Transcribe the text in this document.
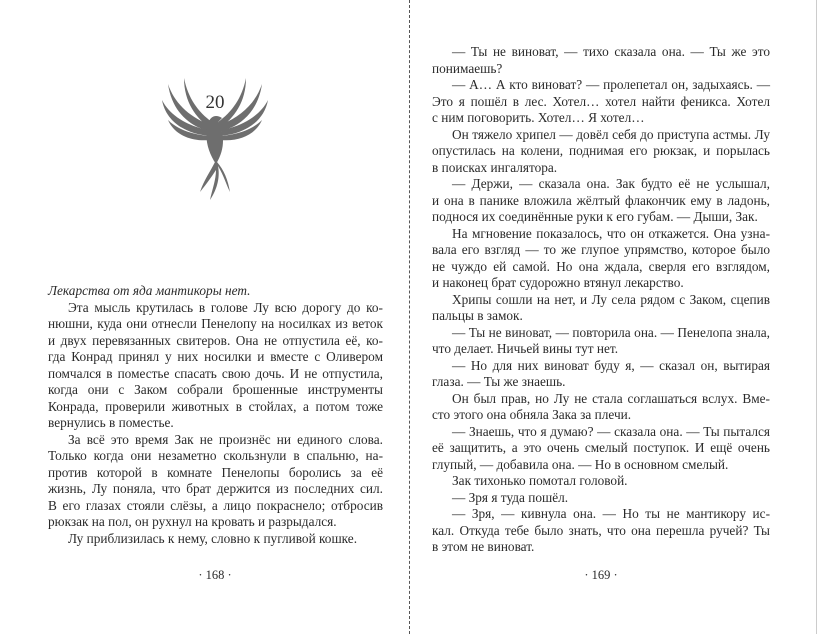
20
Лекарства от яда мантикоры нет.
Эта мысль крутилась в голове Лу всю дорогу до ко-
нюшни, куда они отнесли Пенелопу на носилках из веток
и двух перевязанных свитеров. Она не отпустила её, ко-
гда Конрад принял у них носилки и вместе с Оливером
помчался в поместье спасать свою дочь. И не отпустила,
когда они с Заком собрали брошенные инструменты
Конрада, проверили животных в стойлах, а потом тоже
вернулись в поместье.
За всё это время Зак не произнёс ни единого слова.
Только когда они незаметно скользнули в спальню, на-
против которой в комнате Пенелопы боролись за её
жизнь, Лу поняла, что брат держится из последних сил.
В его глазах стояли слёзы, а лицо покраснело; отбросив
рюкзак на пол, он рухнул на кровать и разрыдался.
Лу приблизилась к нему, словно к пугливой кошке.
· 168 ·
— Ты не виноват, — тихо сказала она. — Ты же это
понимаешь?
— А… А кто виноват? — пролепетал он, задыхаясь. —
Это я пошёл в лес. Хотел… хотел найти феникса. Хотел
с ним поговорить. Хотел… Я хотел…
Он тяжело хрипел — довёл себя до приступа астмы. Лу
опустилась на колени, поднимая его рюкзак, и порылась
в поисках ингалятора.
— Держи, — сказала она. Зак будто её не услышал,
и она в панике вложила жёлтый флакончик ему в ладонь,
поднося их соединённые руки к его губам. — Дыши, Зак.
На мгновение показалось, что он откажется. Она узна-
вала его взгляд — то же глупое упрямство, которое было
не чуждо ей самой. Но она ждала, сверля его взглядом,
и наконец брат судорожно втянул лекарство.
Хрипы сошли на нет, и Лу села рядом с Заком, сцепив
пальцы в замок.
— Ты не виноват, — повторила она. — Пенелопа знала,
что делает. Ничьей вины тут нет.
— Но для них виноват буду я, — сказал он, вытирая
глаза. — Ты же знаешь.
Он был прав, но Лу не стала соглашаться вслух. Вме-
сто этого она обняла Зака за плечи.
— Знаешь, что я думаю? — сказала она. — Ты пытался
её защитить, а это очень смелый поступок. И ещё очень
глупый, — добавила она. — Но в основном смелый.
Зак тихонько помотал головой.
— Зря я туда пошёл.
— Зря, — кивнула она. — Но ты не мантикору ис-
кал. Откуда тебе было знать, что она перешла ручей? Ты
в этом не виноват.
· 169 ·
